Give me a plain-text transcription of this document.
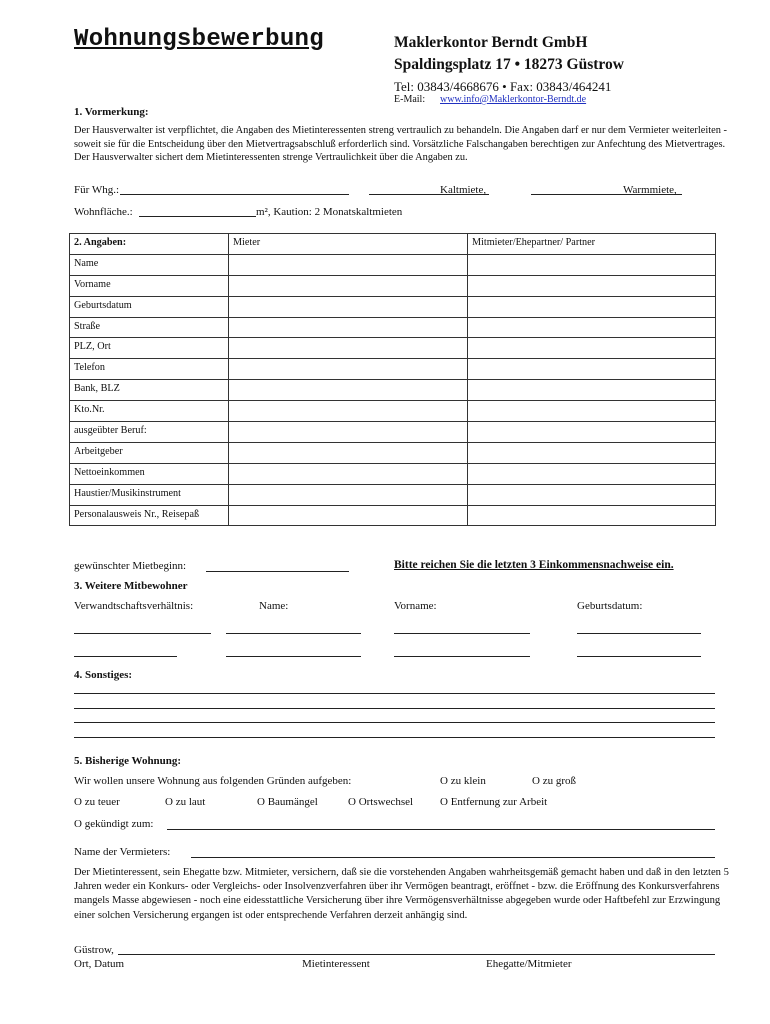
Wohnungsbewerbung	Maklerkontor Berndt GmbH
Spaldingsplatz 17 • 18273 Güstrow
Tel: 03843/4668676 • Fax: 03843/464241
E-Mail: www.info@Maklerkontor-Berndt.de
1. Vormerkung:
Der Hausverwalter ist verpflichtet, die Angaben des Mietinteressenten streng vertraulich zu behandeln. Die Angaben darf er nur dem Vermieter weiterleiten - soweit sie für die Entscheidung über den Mietvertragsabschluß erforderlich sind. Vorsätzliche Falschangaben berechtigen zur Anfechtung des Mietvertrages. Der Hausverwalter sichert dem Mietinteressenten strenge Vertraulichkeit über die Angaben zu.
Für Whg.:	Kaltmiete,	Warmmiete,
Wohnfläche.:	m², Kaution: 2 Monatskaltmieten
2. Angaben:	Mieter	Mitmieter/Ehepartner/ Partner
Name		
Vorname		
Geburtsdatum		
Straße		
PLZ, Ort		
Telefon		
Bank, BLZ		
Kto.Nr.		
ausgeübter Beruf:		
Arbeitgeber		
Nettoeinkommen		
Haustier/Musikinstrument		
Personalausweis Nr., Reisepaß		
gewünschter Mietbeginn:	Bitte reichen Sie die letzten 3 Einkommensnachweise ein.
3. Weitere Mitbewohner
Verwandtschaftsverhältnis:	Name:	Vorname:	Geburtsdatum:
4. Sonstiges:
5. Bisherige Wohnung:
Wir wollen unsere Wohnung aus folgenden Gründen aufgeben:	O zu klein	O zu groß
O zu teuer	O zu laut	O Baumängel	O Ortswechsel O Entfernung zur Arbeit
O gekündigt zum:
Name der Vermieters:
Der Mietinteressent, sein Ehegatte bzw. Mitmieter, versichern, daß sie die vorstehenden Angaben wahrheitsgemäß gemacht haben und daß in den letzten 5 Jahren weder ein Konkurs- oder Vergleichs- oder Insolvenzverfahren über ihr Vermögen beantragt, eröffnet - bzw. die Eröffnung des Konkursverfahrens mangels Masse abgewiesen - noch eine eidesstattliche Versicherung über ihre Vermögensverhältnisse abgegeben wurde oder Haftbefehl zur Erzwingung einer solchen Versicherung ergangen ist oder entsprechende Verfahren derzeit anhängig sind.
Güstrow,
Ort, Datum	Mietinteressent	Ehegatte/Mitmieter
